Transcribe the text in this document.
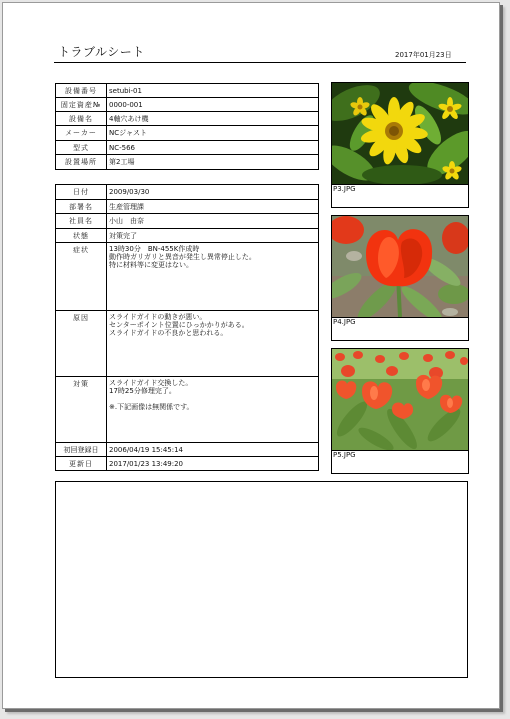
トラブルシート	2017年01月23日
設備番号	setubi-01
固定資産№	0000-001
設備名	4軸穴あけ機
メーカー	NCジャスト
型式	NC-566
設置場所	第2工場
日付	2009/03/30
部署名	生産管理課
社員名	小山　由奈
状態	対策完了
症状	13時30分　BN-455K作成時
動作時ガリガリと異音が発生し異常停止した。
特に材料等に変更はない。

原因	スライドガイドの動きが悪い。
センターポイント位置にひっかかりがある。
スライドガイドの不良かと思われる。

対策	スライドガイド交換した。
17時25分修理完了。
※.下記画像は無関係です。

初回登録日	2006/04/19 15:45:14
更新日	2017/01/23 13:49:20
P3.JPG
P4.JPG
P5.JPG
